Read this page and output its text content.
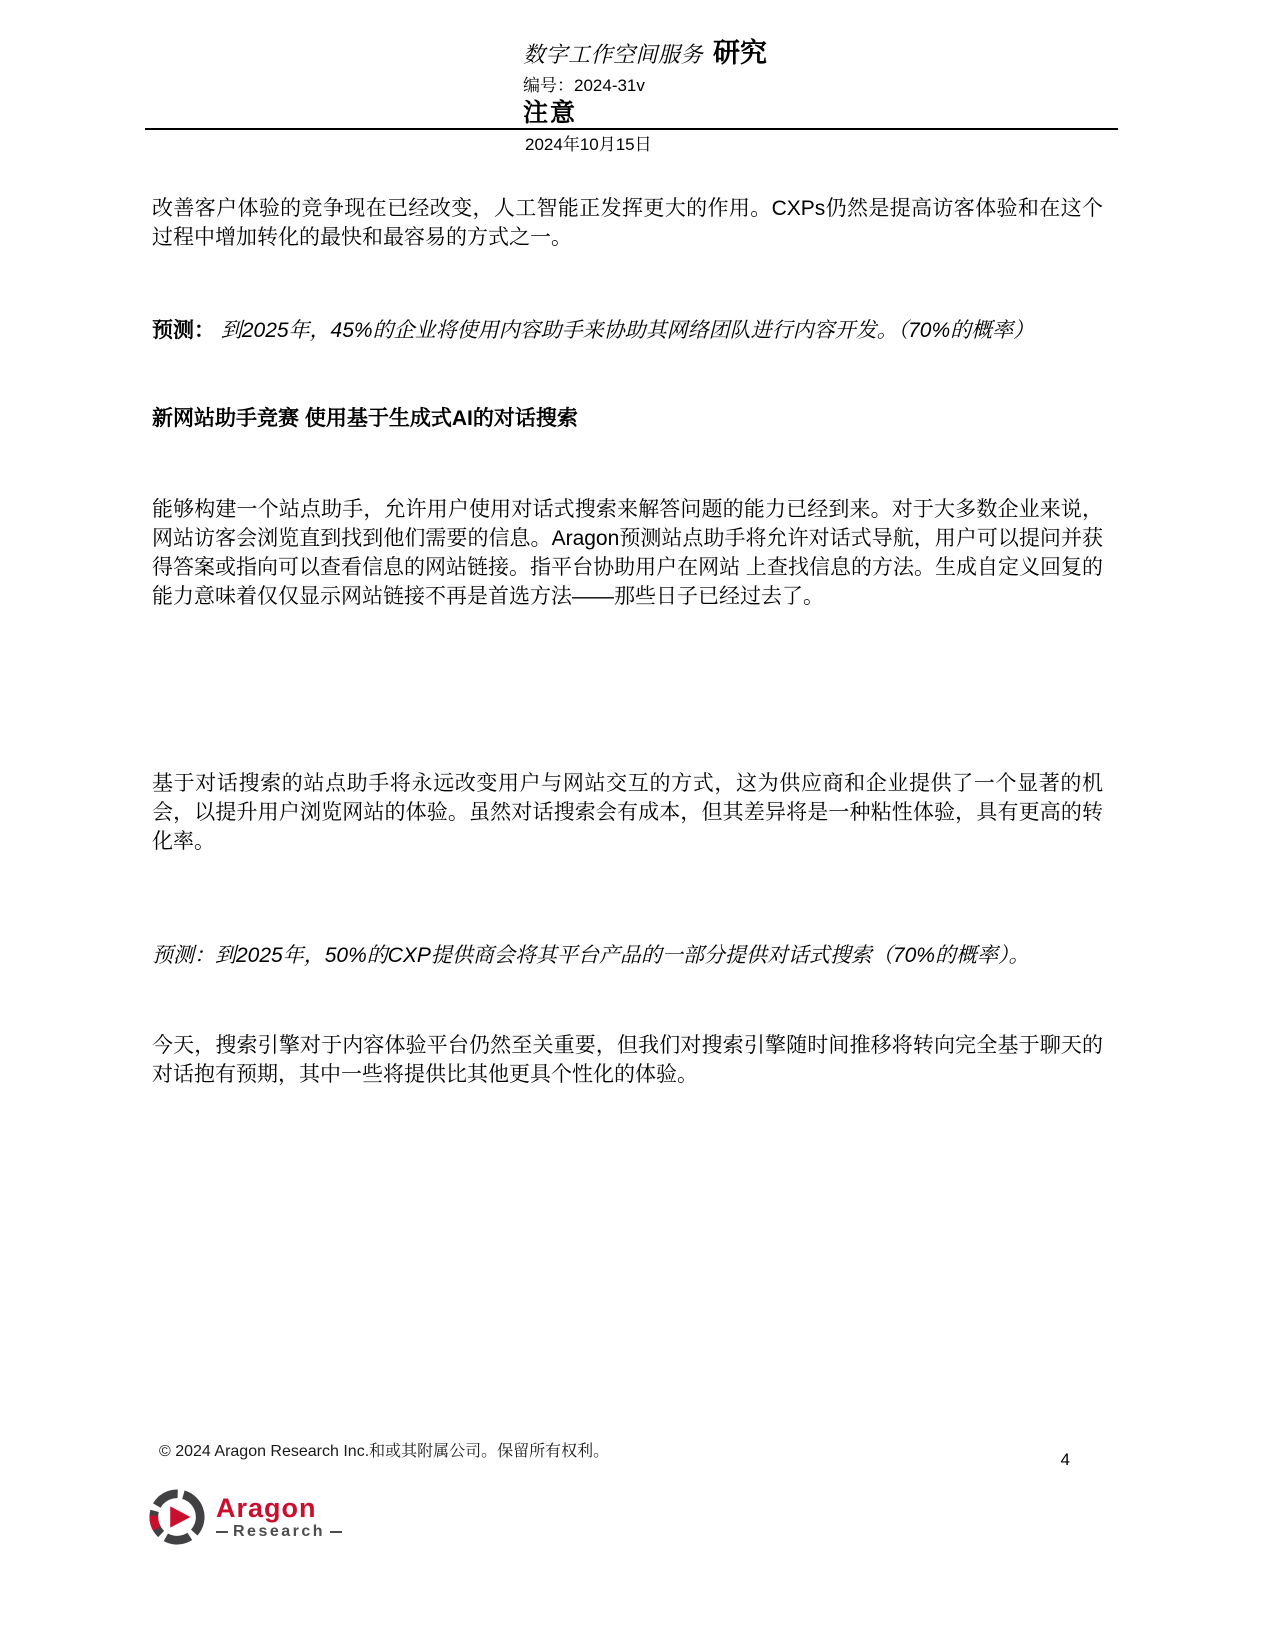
数字工作空间服务 研究
编号：2024-31v
注意
2024年10月15日
改善客户体验的竞争现在已经改变，人工智能正发挥更大的作用。CXPs仍然是提高访客体验和在这个过程中增加转化的最快和最容易的方式之一。
预测： 到2025年，45%的企业将使用内容助手来协助其网络团队进行内容开发。（70%的概率）
新网站助手竞赛 使用基于生成式AI的对话搜索
能够构建一个站点助手，允许用户使用对话式搜索来解答问题的能力已经到来。对于大多数企业来说，网站访客会浏览直到找到他们需要的信息。Aragon预测站点助手将允许对话式导航，用户可以提问并获得答案或指向可以查看信息的网站链接。指平台协助用户在网站 上查找信息的方法。生成自定义回复的能力意味着仅仅显示网站链接不再是首选方法——那些日子已经过去了。
基于对话搜索的站点助手将永远改变用户与网站交互的方式，这为供应商和企业提供了一个显著的机会，以提升用户浏览网站的体验。虽然对话搜索会有成本，但其差异将是一种粘性体验，具有更高的转化率。
预测：到2025年，50%的CXP提供商会将其平台产品的一部分提供对话式搜索（70%的概率）。
今天，搜索引擎对于内容体验平台仍然至关重要，但我们对搜索引擎随时间推移将转向完全基于聊天的对话抱有预期，其中一些将提供比其他更具个性化的体验。
© 2024 Aragon Research Inc.和或其附属公司。保留所有权利。	4
Aragon
Research
